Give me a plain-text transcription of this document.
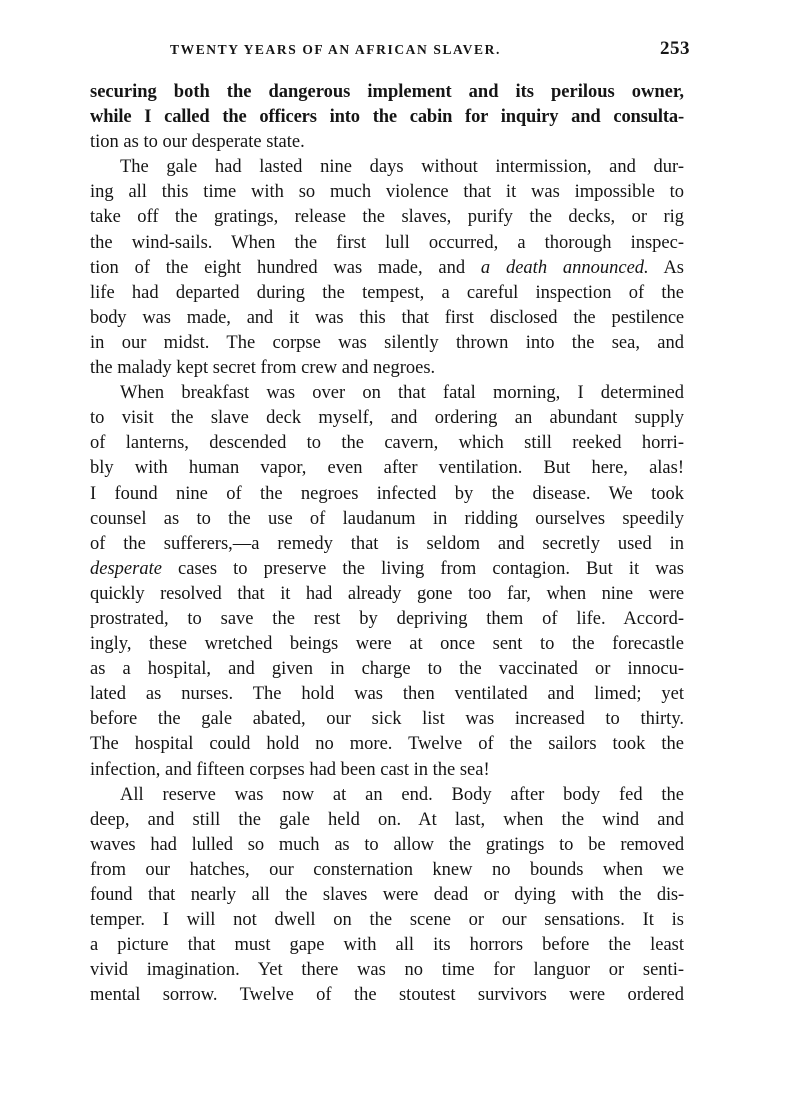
TWENTY YEARS OF AN AFRICAN SLAVER.	253
securing both the dangerous implement and its perilous owner,
while I called the officers into the cabin for inquiry and consulta-
tion as to our desperate state.
The gale had lasted nine days without intermission, and dur-
ing all this time with so much violence that it was impossible to
take off the gratings, release the slaves, purify the decks, or rig
the wind-sails. When the first lull occurred, a thorough inspec-
tion of the eight hundred was made, and a death announced. As
life had departed during the tempest, a careful inspection of the
body was made, and it was this that first disclosed the pestilence
in our midst. The corpse was silently thrown into the sea, and
the malady kept secret from crew and negroes.
When breakfast was over on that fatal morning, I determined
to visit the slave deck myself, and ordering an abundant supply
of lanterns, descended to the cavern, which still reeked horri-
bly with human vapor, even after ventilation. But here, alas!
I found nine of the negroes infected by the disease. We took
counsel as to the use of laudanum in ridding ourselves speedily
of the sufferers,—a remedy that is seldom and secretly used in
desperate cases to preserve the living from contagion. But it was
quickly resolved that it had already gone too far, when nine were
prostrated, to save the rest by depriving them of life. Accord-
ingly, these wretched beings were at once sent to the forecastle
as a hospital, and given in charge to the vaccinated or innocu-
lated as nurses. The hold was then ventilated and limed; yet
before the gale abated, our sick list was increased to thirty.
The hospital could hold no more. Twelve of the sailors took the
infection, and fifteen corpses had been cast in the sea!
All reserve was now at an end. Body after body fed the
deep, and still the gale held on. At last, when the wind and
waves had lulled so much as to allow the gratings to be removed
from our hatches, our consternation knew no bounds when we
found that nearly all the slaves were dead or dying with the dis-
temper. I will not dwell on the scene or our sensations. It is
a picture that must gape with all its horrors before the least
vivid imagination. Yet there was no time for languor or senti-
mental sorrow. Twelve of the stoutest survivors were ordered
